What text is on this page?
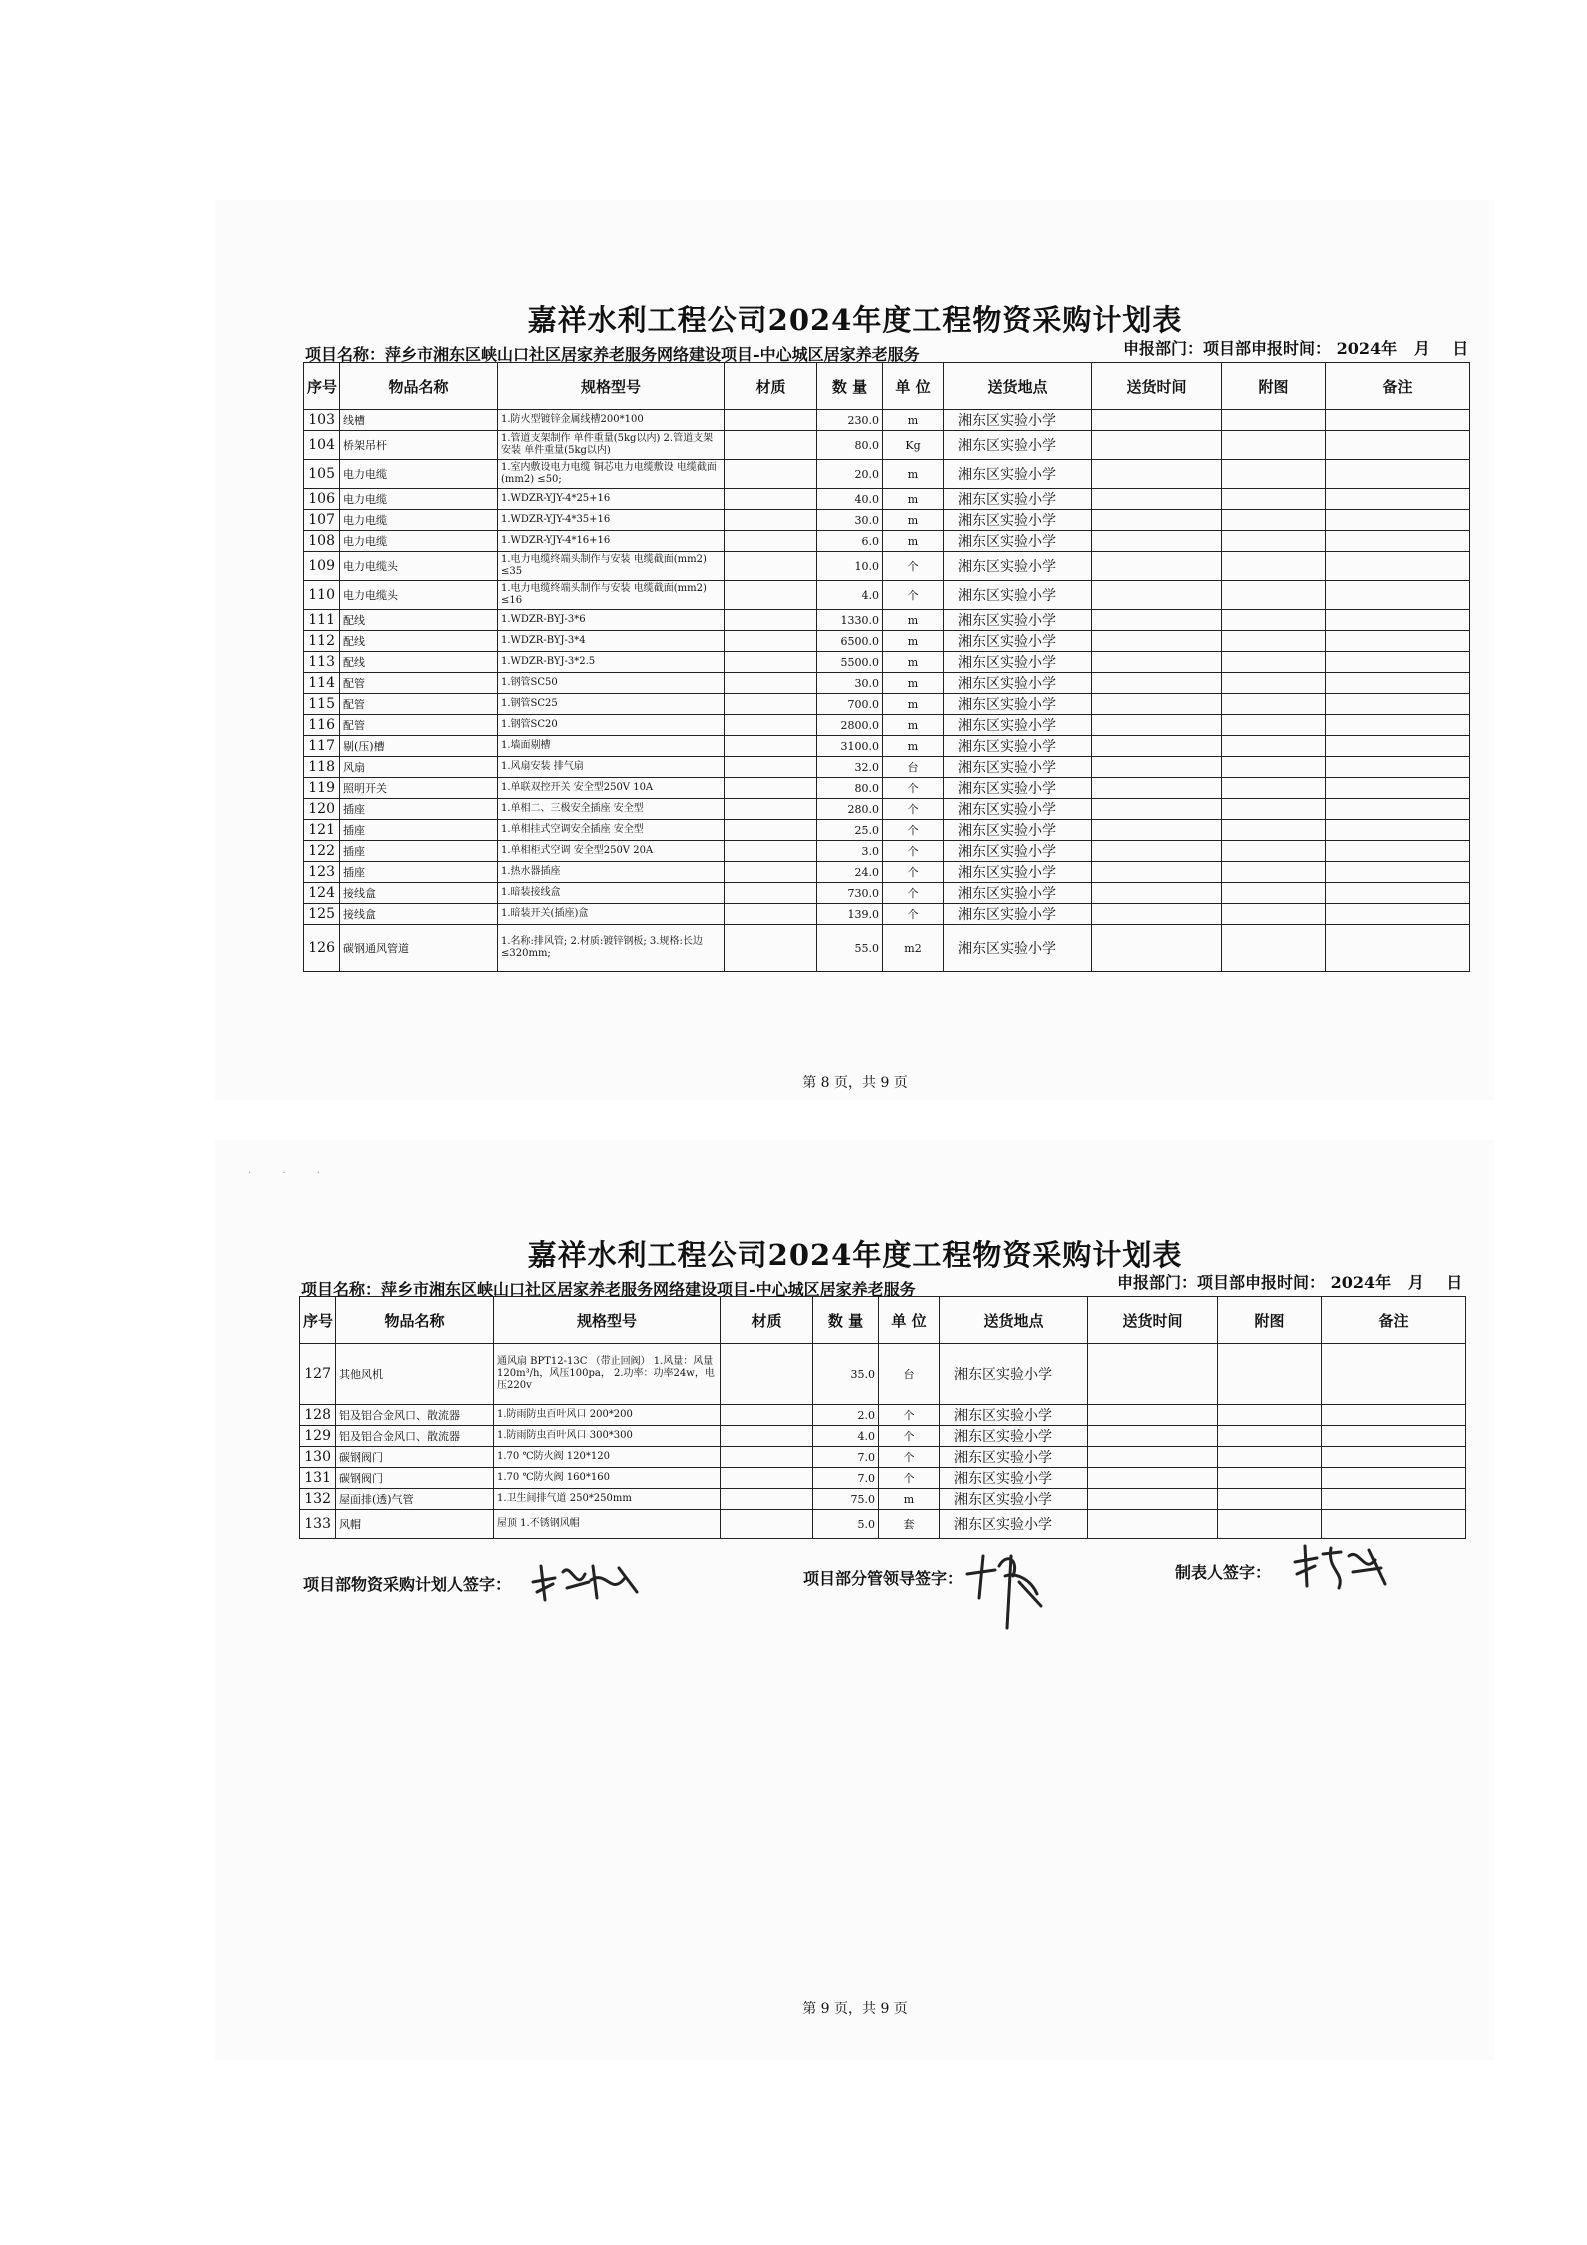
嘉祥水利工程公司2024年度工程物资采购计划表
项目名称：萍乡市湘东区峡山口社区居家养老服务网络建设项目-中心城区居家养老服务	申报部门：项目部申报时间： 2024年 月 日
序号	物品名称	规格型号	材质	数 量	单 位	送货地点	送货时间	附图	备注
103	线槽	1.防火型镀锌金属线槽200*100		230.0	m	湘东区实验小学			
104	桥架吊杆	1.管道支架制作 单件重量(5kg以内) 2.管道支架安装 单件重量(5kg以内)		80.0	Kg	湘东区实验小学			
105	电力电缆	1.室内敷设电力电缆 铜芯电力电缆敷设 电缆截面(mm2) ≤50;		20.0	m	湘东区实验小学			
106	电力电缆	1.WDZR-YJY-4*25+16		40.0	m	湘东区实验小学			
107	电力电缆	1.WDZR-YJY-4*35+16		30.0	m	湘东区实验小学			
108	电力电缆	1.WDZR-YJY-4*16+16		6.0	m	湘东区实验小学			
109	电力电缆头	1.电力电缆终端头制作与安装 电缆截面(mm2) ≤35		10.0	个	湘东区实验小学			
110	电力电缆头	1.电力电缆终端头制作与安装 电缆截面(mm2) ≤16		4.0	个	湘东区实验小学			
111	配线	1.WDZR-BYJ-3*6		1330.0	m	湘东区实验小学			
112	配线	1.WDZR-BYJ-3*4		6500.0	m	湘东区实验小学			
113	配线	1.WDZR-BYJ-3*2.5		5500.0	m	湘东区实验小学			
114	配管	1.钢管SC50		30.0	m	湘东区实验小学			
115	配管	1.钢管SC25		700.0	m	湘东区实验小学			
116	配管	1.钢管SC20		2800.0	m	湘东区实验小学			
117	剔(压)槽	1.墙面剔槽		3100.0	m	湘东区实验小学			
118	风扇	1.风扇安装 排气扇		32.0	台	湘东区实验小学			
119	照明开关	1.单联双控开关 安全型250V 10A		80.0	个	湘东区实验小学			
120	插座	1.单相二、三极安全插座 安全型		280.0	个	湘东区实验小学			
121	插座	1.单相挂式空调安全插座 安全型		25.0	个	湘东区实验小学			
122	插座	1.单相柜式空调 安全型250V 20A		3.0	个	湘东区实验小学			
123	插座	1.热水器插座		24.0	个	湘东区实验小学			
124	接线盒	1.暗装接线盒		730.0	个	湘东区实验小学			
125	接线盒	1.暗装开关(插座)盒		139.0	个	湘东区实验小学			
126	碳钢通风管道	1.名称:排风管; 2.材质:镀锌钢板; 3.规格:长边≤320mm;		55.0	m2	湘东区实验小学			
第 8 页，共 9 页
· · ·
嘉祥水利工程公司2024年度工程物资采购计划表
项目名称：萍乡市湘东区峡山口社区居家养老服务网络建设项目-中心城区居家养老服务	申报部门：项目部申报时间： 2024年 月 日
序号	物品名称	规格型号	材质	数 量	单 位	送货地点	送货时间	附图	备注
127	其他风机	通风扇 BPT12-13C （带止回阀） 1.风量：风量120m³/h，风压100pa， 2.功率：功率24w，电压220v		35.0	台	湘东区实验小学			
128	铝及铝合金风口、散流器	1.防雨防虫百叶风口 200*200		2.0	个	湘东区实验小学			
129	铝及铝合金风口、散流器	1.防雨防虫百叶风口 300*300		4.0	个	湘东区实验小学			
130	碳钢阀门	1.70 ℃防火阀 120*120		7.0	个	湘东区实验小学			
131	碳钢阀门	1.70 ℃防火阀 160*160		7.0	个	湘东区实验小学			
132	屋面排(透)气管	1.卫生间排气道 250*250mm		75.0	m	湘东区实验小学			
133	风帽	屋顶 1.不锈钢风帽		5.0	套	湘东区实验小学			
项目部物资采购计划人签字：	项目部分管领导签字：	制表人签字：
第 9 页，共 9 页
